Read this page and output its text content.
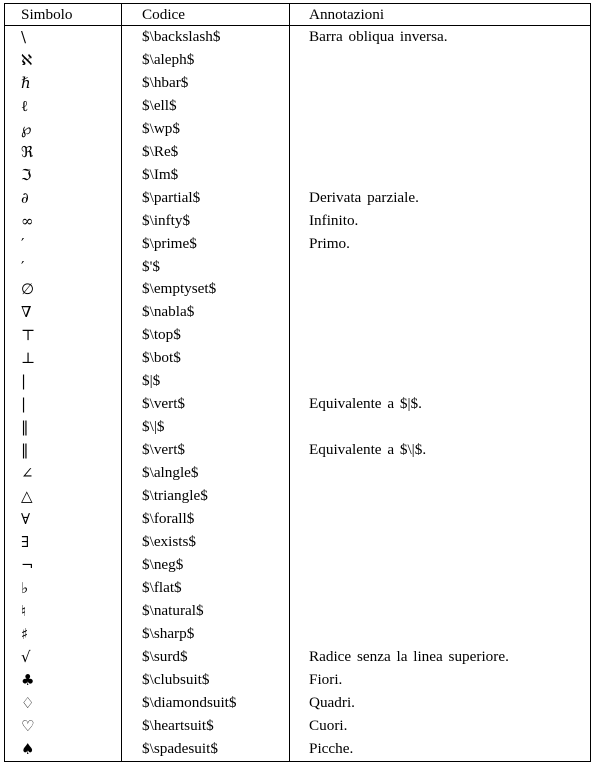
Simbolo	Codice	Annotazioni
\	$\backslash$	Barra obliqua inversa.
ℵ	$\aleph$	
ℏ	$\hbar$	
ℓ	$\ell$	
℘	$\wp$	
ℜ	$\Re$	
ℑ	$\Im$	
∂	$\partial$	Derivata parziale.
∞	$\infty$	Infinito.
′	$\prime$	Primo.
′	$'$	
∅	$\emptyset$	
∇	$\nabla$	
⊤	$\top$	
⊥	$\bot$	
|	$|$	
|	$\vert$	Equivalente a $|$.
‖	$\|$	
‖	$\vert$	Equivalente a $\|$.
∠	$\alngle$	
△	$\triangle$	
∀	$\forall$	
∃	$\exists$	
¬	$\neg$	
♭	$\flat$	
♮	$\natural$	
♯	$\sharp$	
√	$\surd$	Radice senza la linea superiore.
♣	$\clubsuit$	Fiori.
♢	$\diamondsuit$	Quadri.
♡	$\heartsuit$	Cuori.
♠	$\spadesuit$	Picche.
